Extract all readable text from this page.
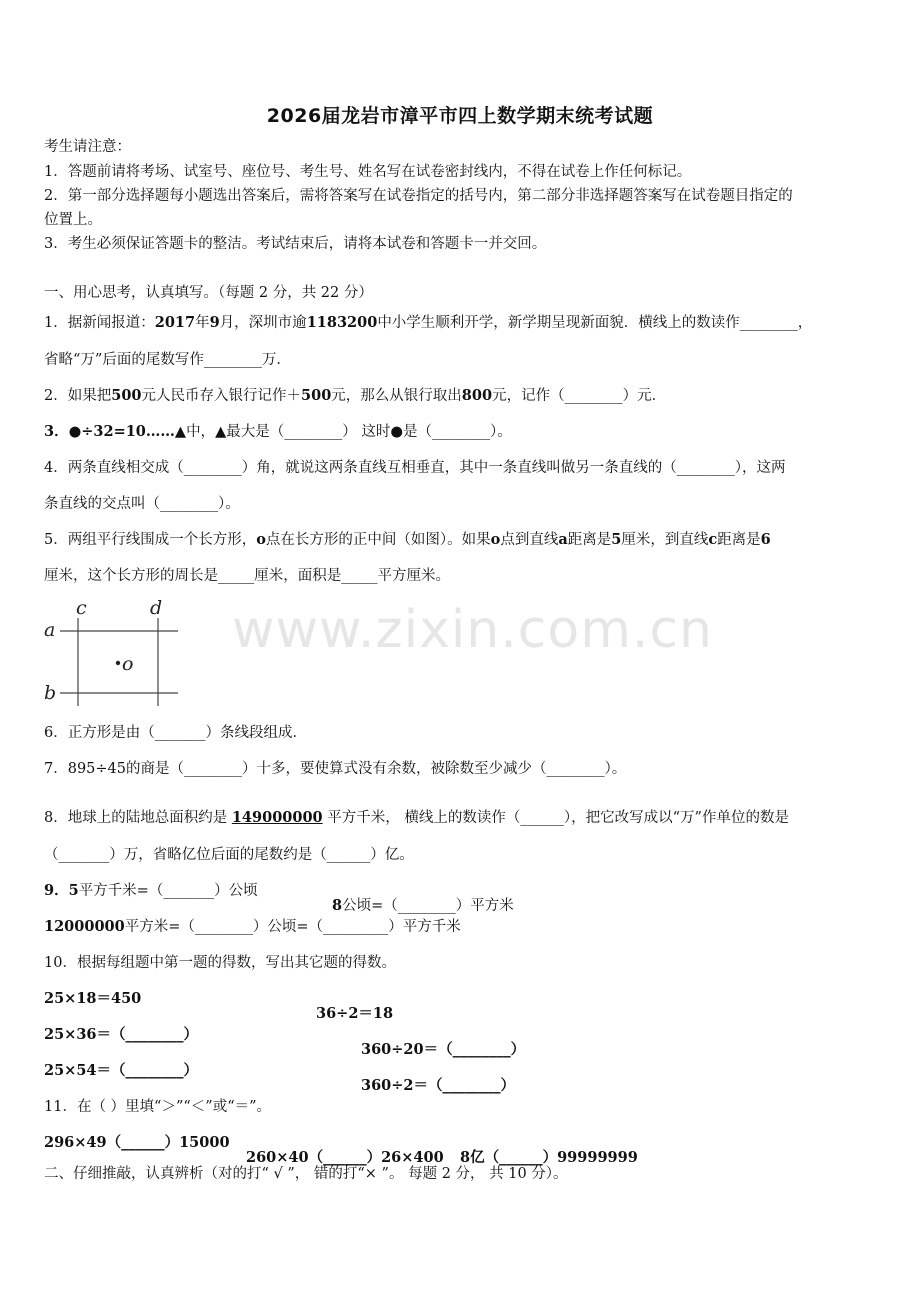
www.zixin.com.cn
2026届龙岩市漳平市四上数学期末统考试题

考生请注意：

1．答题前请将考场、试室号、座位号、考生号、姓名写在试卷密封线内，不得在试卷上作任何标记。

2．第一部分选择题每小题选出答案后，需将答案写在试卷指定的括号内，第二部分非选择题答案写在试卷题目指定的

位置上。

3．考生必须保证答题卡的整洁。考试结束后，请将本试卷和答题卡一并交回。

一、用心思考，认真填写。（每题 2 分，共 22 分）

1．据新闻报道：2017年9月，深圳市逾1183200中小学生顺利开学，新学期呈现新面貌．横线上的数读作________，

省略“万”后面的尾数写作________万．

2．如果把500元人民币存入银行记作＋500元，那么从银行取出800元，记作（________）元．

3．●÷32=10……▲中，▲最大是（________） 这时●是（________）。

4．两条直线相交成（________）角，就说这两条直线互相垂直，其中一条直线叫做另一条直线的（________），这两

条直线的交点叫（________）。

5．两组平行线围成一个长方形，o点在长方形的正中间（如图）。如果o点到直线a距离是5厘米，到直线c距离是6

厘米，这个长方形的周长是_____厘米，面积是_____平方厘米。

c	d
a
b
o

6．正方形是由（_______）条线段组成．

7．895÷45的商是（________）十多，要使算式没有余数，被除数至少减少（________）。

8．地球上的陆地总面积约是 149000000 平方千米， 横线上的数读作（______），把它改写成以“万”作单位的数是

（_______）万，省略亿位后面的尾数约是（______）亿。

9．5平方千米=（_______）公顷

8公顷=（________）平方米

12000000平方米=（________）公顷=（_________）平方千米

10．根据每组题中第一题的得数，写出其它题的得数。

25×18＝450

36÷2＝18

25×36＝（________）

360÷20＝（________）

25×54＝（________）

360÷2＝（________）

11．在（ ）里填“＞”“＜”或“＝”。

296×49（______）15000

260×40（______）26×400 8亿（______）99999999

二、仔细推敲，认真辨析（对的打“ √ ”， 错的打“× ”。 每题 2 分， 共 10 分）。
